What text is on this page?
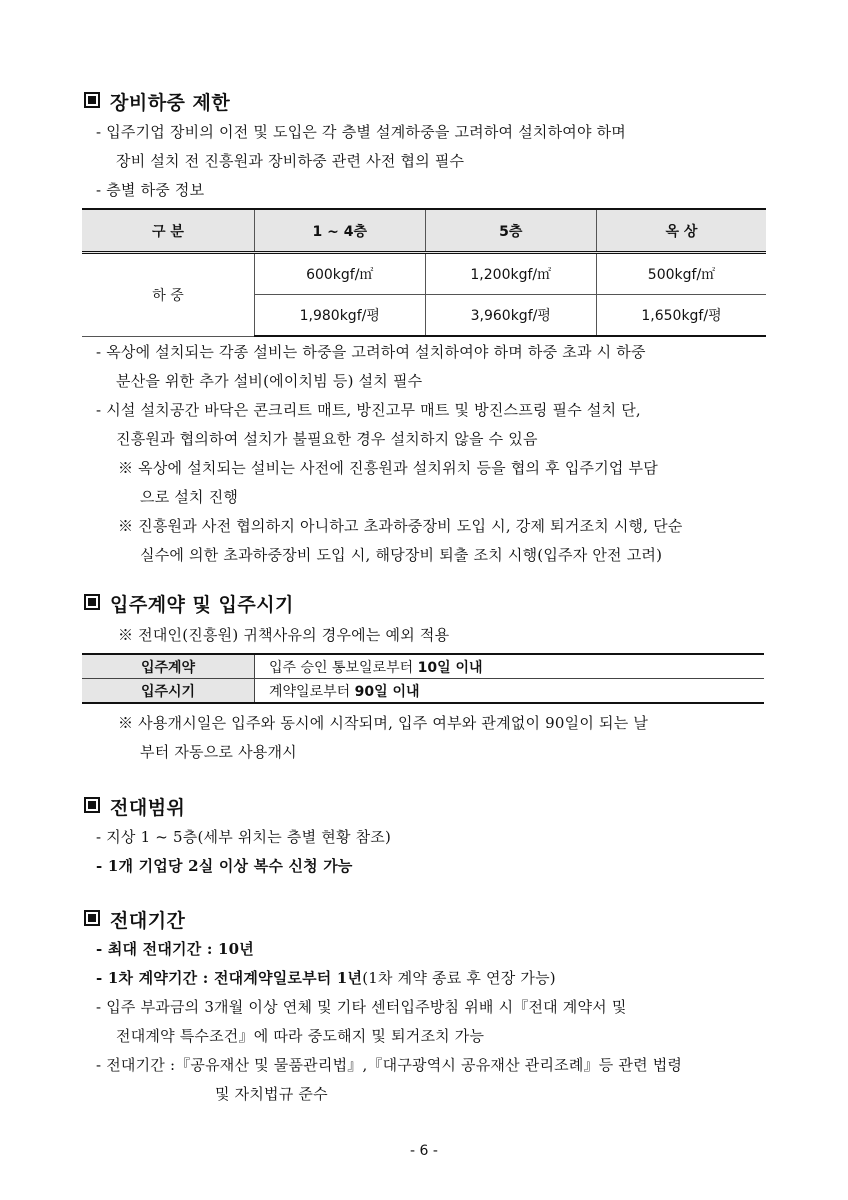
장비하중 제한
- 입주기업 장비의 이전 및 도입은 각 층별 설계하중을 고려하여 설치하여야 하며
장비 설치 전 진흥원과 장비하중 관련 사전 협의 필수
- 층별 하중 정보
구 분	1 ~ 4층	5층	옥 상
하 중	600kgf/㎡	1,200kgf/㎡	500kgf/㎡
	1,980kgf/평	3,960kgf/평	1,650kgf/평
- 옥상에 설치되는 각종 설비는 하중을 고려하여 설치하여야 하며 하중 초과 시 하중
분산을 위한 추가 설비(에이치빔 등) 설치 필수
- 시설 설치공간 바닥은 콘크리트 매트, 방진고무 매트 및 방진스프링 필수 설치 단,
진흥원과 협의하여 설치가 불필요한 경우 설치하지 않을 수 있음
※ 옥상에 설치되는 설비는 사전에 진흥원과 설치위치 등을 협의 후 입주기업 부담
으로 설치 진행
※ 진흥원과 사전 협의하지 아니하고 초과하중장비 도입 시, 강제 퇴거조치 시행, 단순
실수에 의한 초과하중장비 도입 시, 해당장비 퇴출 조치 시행(입주자 안전 고려)
입주계약 및 입주시기
※ 전대인(진흥원) 귀책사유의 경우에는 예외 적용
입주계약	입주 승인 통보일로부터 10일 이내
입주시기	계약일로부터 90일 이내
※ 사용개시일은 입주와 동시에 시작되며, 입주 여부와 관계없이 90일이 되는 날
부터 자동으로 사용개시
전대범위
- 지상 1 ~ 5층(세부 위치는 층별 현황 참조)
- 1개 기업당 2실 이상 복수 신청 가능
전대기간
- 최대 전대기간 : 10년
- 1차 계약기간 : 전대계약일로부터 1년(1차 계약 종료 후 연장 가능)
- 입주 부과금의 3개월 이상 연체 및 기타 센터입주방침 위배 시『전대 계약서 및
전대계약 특수조건』에 따라 중도해지 및 퇴거조치 가능
- 전대기간 :『공유재산 및 물품관리법』,『대구광역시 공유재산 관리조례』등 관련 법령
및 자치법규 준수
- 6 -
